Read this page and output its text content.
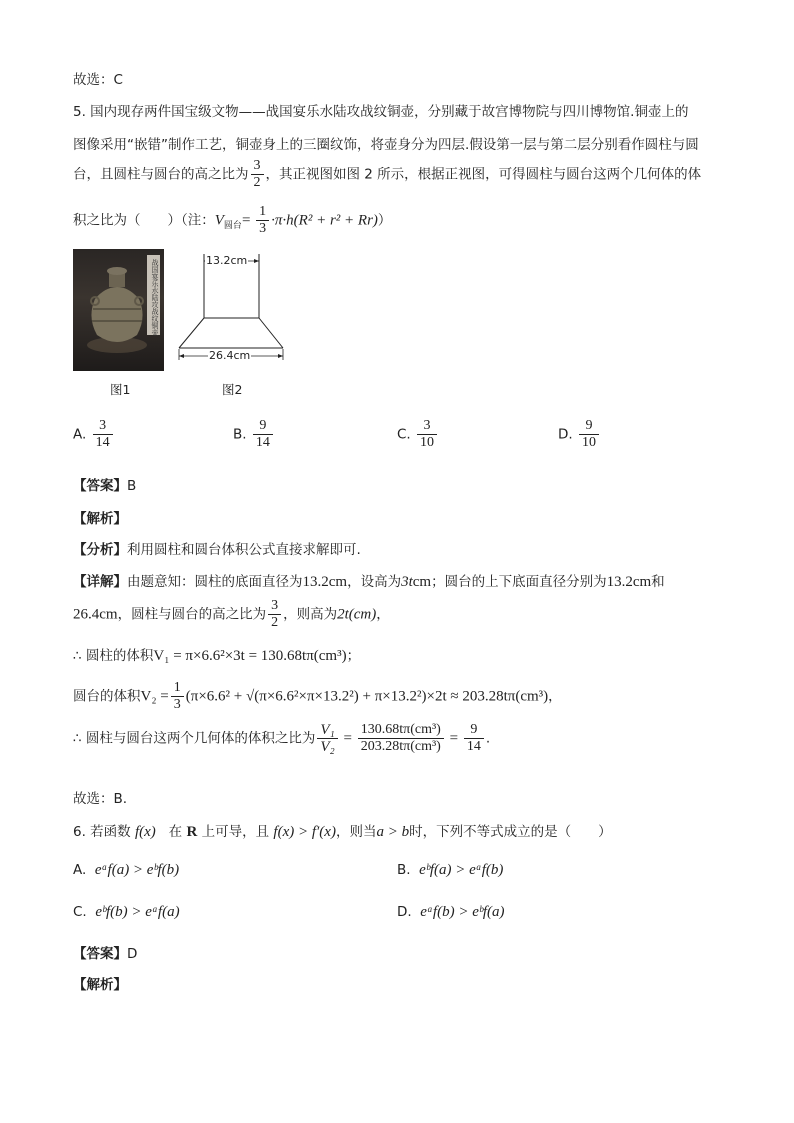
故选：C
5. 国内现存两件国宝级文物——战国宴乐水陆攻战纹铜壶，分别藏于故宫博物院与四川博物馆.铜壶上的
图像采用“嵌错”制作工艺，铜壶身上的三圈纹饰，将壶身分为四层.假设第一层与第二层分别看作圆柱与圆
台，且圆柱与圆台的高之比为 $\frac{3}{2}$ ，其正视图如图 2 所示，根据正视图，可得圆柱与圆台这两个几何体的体
积之比为（　　）（注：$V_{圆台}= \frac{1}{3} \cdot\pi\cdot h(R^2 + r^2 + Rr)$）
战国宴乐水陆攻战纹铜壶	13.2cm
26.4cm
图1	图2
A. $\frac{3}{14}$	B. $\frac{9}{14}$	C. $\frac{3}{10}$	D. $\frac{9}{10}$
【答案】B
【解析】
【分析】利用圆柱和圆台体积公式直接求解即可.
【详解】由题意知：圆柱的底面直径为13.2cm，设高为3tcm；圆台的上下底面直径分别为13.2cm和
26.4cm，圆柱与圆台的高之比为 $\frac{3}{2}$ ，则高为2t(cm)，
∴ 圆柱的体积V₁ = π×6.6²×3t = 130.68tπ(cm³)；
圆台的体积$V_2 = \frac{1}{3} (\pi\times 6.6^2 + √(\pi\times 6.6^2\times\pi\times 13.2^2) + \pi\times 13.2^2)\times 2t \approx 203.28t\pi(cm^3)$，
∴ 圆柱与圆台这两个几何体的体积之比为 $\frac{\text{V₁}}{\text{V₂}} = \frac{\text{130.68tπ(cm³)}}{\text{203.28tπ(cm³)}} = \frac{9}{14}$ .
故选：B.
6. 若函数 f(x) 在 R 上可导，且 f(x) > f′(x)，则当a > b时，下列不等式成立的是（　　）
A. eᵃf(a) > eᵇf(b)	B. eᵇf(a) > eᵃf(b)
C. eᵇf(b) > eᵃf(a)	D. eᵃf(b) > eᵇf(a)
【答案】D
【解析】
